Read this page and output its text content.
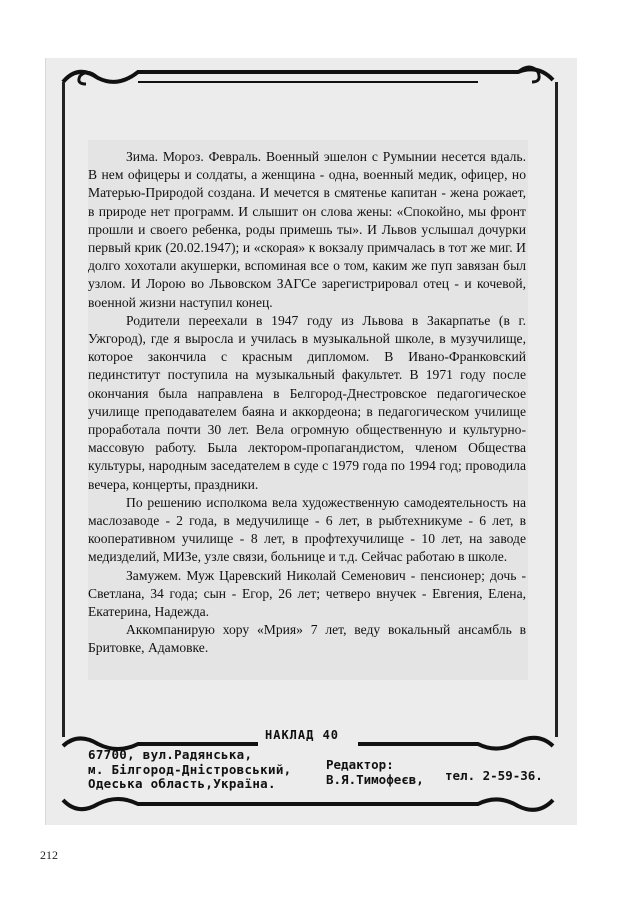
Зима. Мороз. Февраль. Военный эшелон с Румынии несется вдаль. В нем офицеры и солдаты, а женщина - одна, военный медик, офицер, но Матерью-Природой создана. И мечется в смятенье капитан - жена рожает, в природе нет программ. И слышит он слова жены: «Спокойно, мы фронт прошли и своего ребенка, роды примешь ты». И Львов услышал дочурки первый крик (20.02.1947); и «скорая» к вокзалу примчалась в тот же миг. И долго хохотали акушерки, вспоминая все о том, каким же пуп завязан был узлом. И Лорою во Львовском ЗАГСе зарегистрировал отец - и кочевой, военной жизни наступил конец.

Родители переехали в 1947 году из Львова в Закарпатье (в г. Ужгород), где я выросла и училась в музыкальной школе, в музучилище, которое закончила с красным дипломом. В Ивано-Франковский пединститут поступила на музыкальный факультет. В 1971 году после окончания была направлена в Белгород-Днестровское педагогическое училище преподавателем баяна и аккордеона; в педагогическом училище проработала почти 30 лет. Вела огромную общественную и культурно-массовую работу. Была лектором-пропагандистом, членом Общества культуры, народным заседателем в суде с 1979 года по 1994 год; проводила вечера, концерты, праздники.

По решению исполкома вела художественную самодеятельность на маслозаводе - 2 года, в медучилище - 6 лет, в рыбтехникуме - 6 лет, в кооперативном училище - 8 лет, в профтехучилище - 10 лет, на заводе медизделий, МИЗе, узле связи, больнице и т.д. Сейчас работаю в школе.

Замужем. Муж Царевский Николай Семенович - пенсионер; дочь - Светлана, 34 года; сын - Егор, 26 лет; четверо внучек - Евгения, Елена, Екатерина, Надежда.

Аккомпанирую хору «Мрия» 7 лет, веду вокальный ансамбль в Бритовке, Адамовке.

НАКЛАД 40
67700, вул.Радянська,
м. Білгород-Дністровський,
Одеська область,Україна.
Редактор:
В.Я.Тимофеєв, тел. 2-59-36.
212
